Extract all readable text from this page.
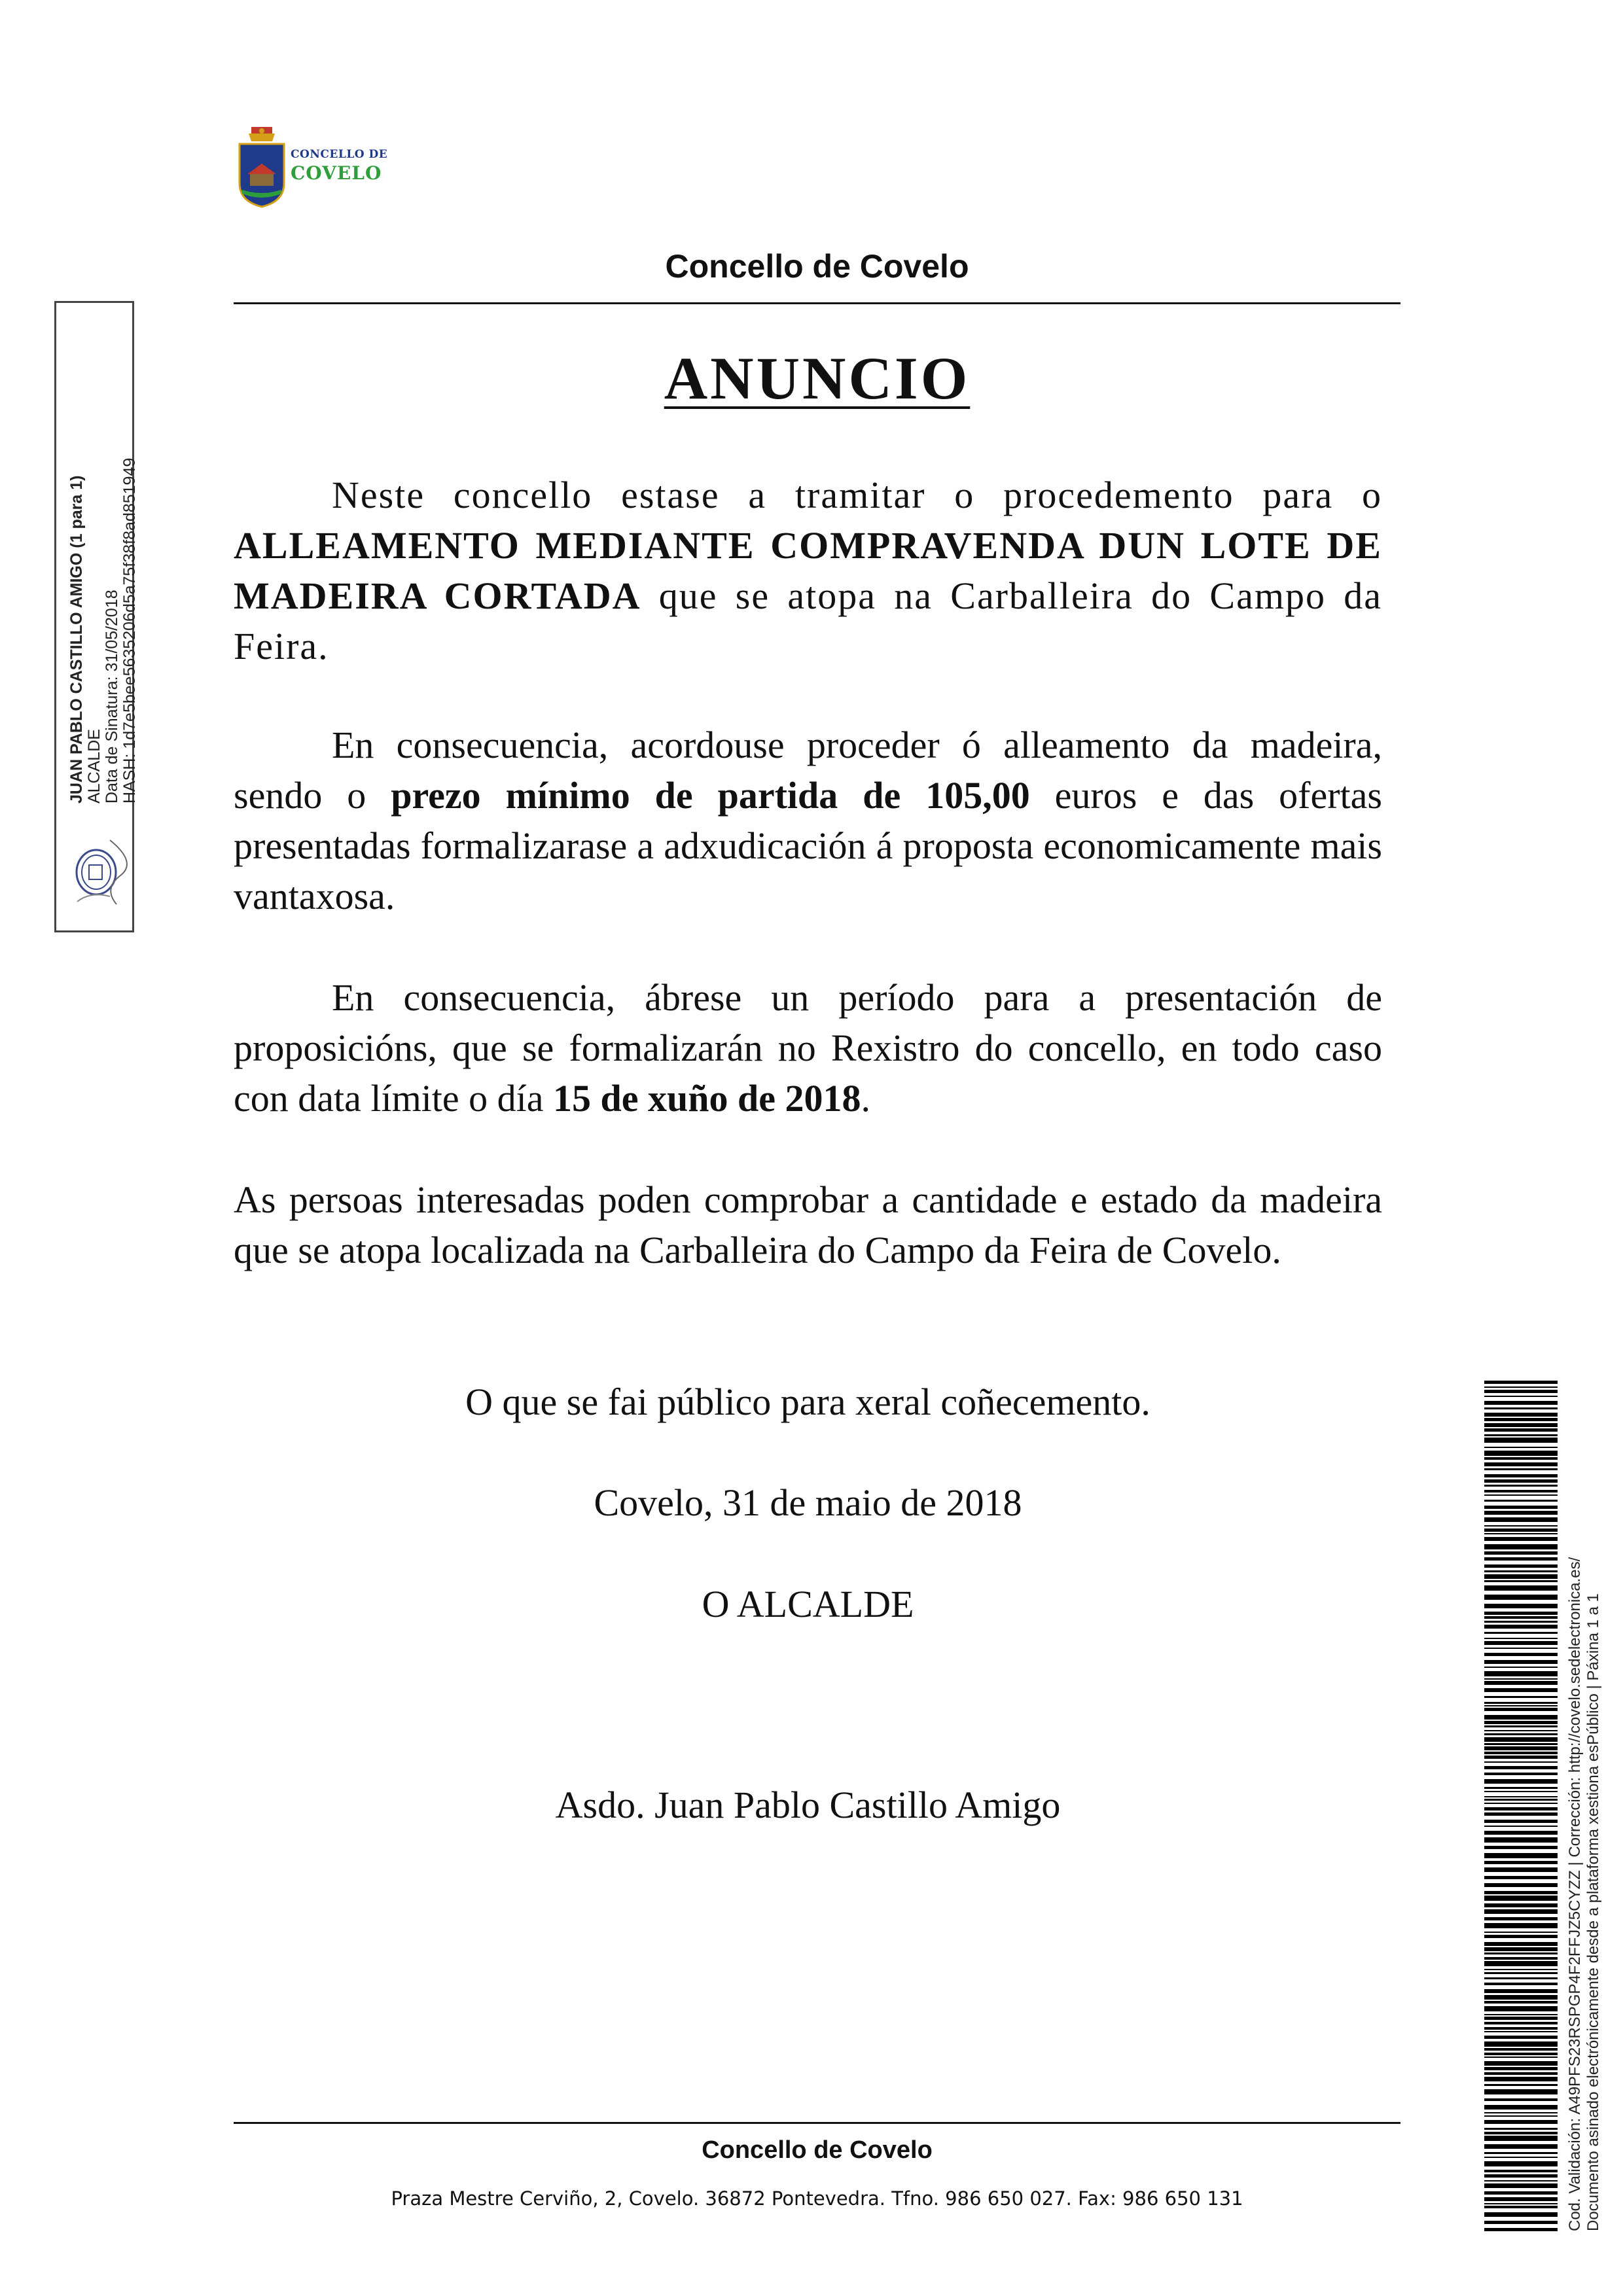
CONCELLO DE
COVELO
Concello de Covelo
ANUNCIO
Neste concello estase a tramitar o procedemento para o ALLEAMENTO MEDIANTE COMPRAVENDA DUN LOTE DE MADEIRA CORTADA que se atopa na Carballeira do Campo da Feira.
En consecuencia, acordouse proceder ó alleamento da madeira, sendo o prezo mínimo de partida de 105,00 euros e das ofertas presentadas formalizarase a adxudicación á proposta economicamente mais vantaxosa.
En consecuencia, ábrese un período para a presentación de proposicións, que se formalizarán no Rexistro do concello, en todo caso con data límite o día 15 de xuño de 2018.
As persoas interesadas poden comprobar a cantidade e estado da madeira que se atopa localizada na Carballeira do Campo da Feira de Covelo.
O que se fai público para xeral coñecemento.
Covelo, 31 de maio de 2018
O ALCALDE
Asdo. Juan Pablo Castillo Amigo
Concello de Covelo
Praza Mestre Cerviño, 2, Covelo. 36872 Pontevedra. Tfno. 986 650 027. Fax: 986 650 131
JUAN PABLO CASTILLO AMIGO (1 para 1) ALCALDE Data de Sinatura: 31/05/2018 HASH: 1d7e5bee5635206d5a75f38f8ad851949
Cod. Validación: A49PFS23RSPGP4F2FFJZ5CYZZ | Corrección: http://covelo.sedelectronica.es/ Documento asinado electrónicamente desde a plataforma xestiona esPúblico | Páxina 1 a 1
